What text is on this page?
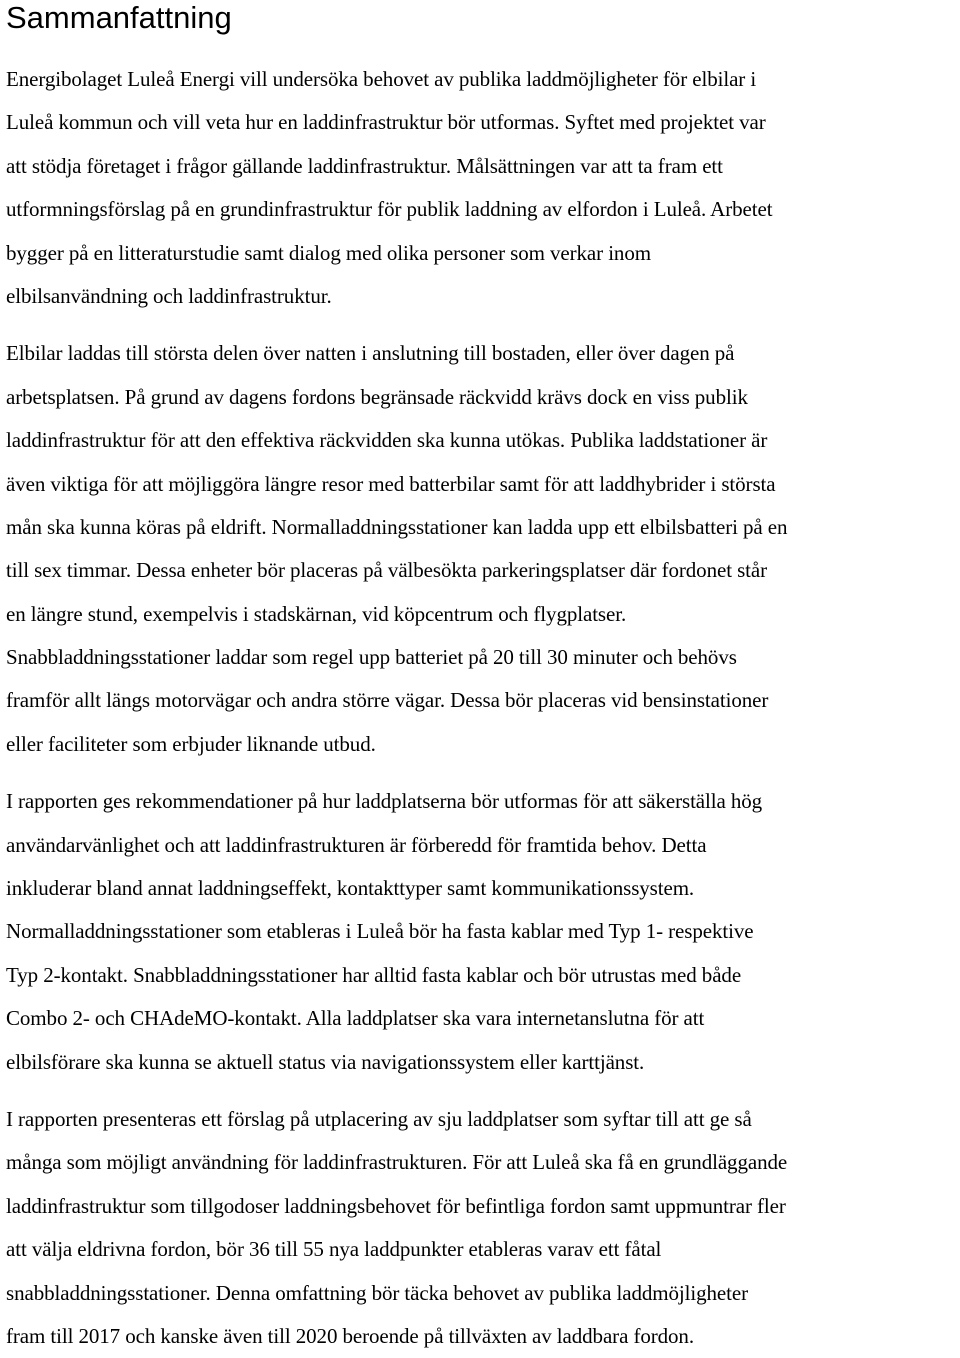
Sammanfattning
Energibolaget Luleå Energi vill undersöka behovet av publika laddmöjligheter för elbilar i
Luleå kommun och vill veta hur en laddinfrastruktur bör utformas. Syftet med projektet var
att stödja företaget i frågor gällande laddinfrastruktur. Målsättningen var att ta fram ett
utformningsförslag på en grundinfrastruktur för publik laddning av elfordon i Luleå. Arbetet
bygger på en litteraturstudie samt dialog med olika personer som verkar inom
elbilsanvändning och laddinfrastruktur.
Elbilar laddas till största delen över natten i anslutning till bostaden, eller över dagen på
arbetsplatsen. På grund av dagens fordons begränsade räckvidd krävs dock en viss publik
laddinfrastruktur för att den effektiva räckvidden ska kunna utökas. Publika laddstationer är
även viktiga för att möjliggöra längre resor med batterbilar samt för att laddhybrider i största
mån ska kunna köras på eldrift. Normalladdningsstationer kan ladda upp ett elbilsbatteri på en
till sex timmar. Dessa enheter bör placeras på välbesökta parkeringsplatser där fordonet står
en längre stund, exempelvis i stadskärnan, vid köpcentrum och flygplatser.
Snabbladdningsstationer laddar som regel upp batteriet på 20 till 30 minuter och behövs
framför allt längs motorvägar och andra större vägar. Dessa bör placeras vid bensinstationer
eller faciliteter som erbjuder liknande utbud.
I rapporten ges rekommendationer på hur laddplatserna bör utformas för att säkerställa hög
användarvänlighet och att laddinfrastrukturen är förberedd för framtida behov. Detta
inkluderar bland annat laddningseffekt, kontakttyper samt kommunikationssystem.
Normalladdningsstationer som etableras i Luleå bör ha fasta kablar med Typ 1- respektive
Typ 2-kontakt. Snabbladdningsstationer har alltid fasta kablar och bör utrustas med både
Combo 2- och CHAdeMO-kontakt. Alla laddplatser ska vara internetanslutna för att
elbilsförare ska kunna se aktuell status via navigationssystem eller karttjänst.
I rapporten presenteras ett förslag på utplacering av sju laddplatser som syftar till att ge så
många som möjligt användning för laddinfrastrukturen. För att Luleå ska få en grundläggande
laddinfrastruktur som tillgodoser laddningsbehovet för befintliga fordon samt uppmuntrar fler
att välja eldrivna fordon, bör 36 till 55 nya laddpunkter etableras varav ett fåtal
snabbladdningsstationer. Denna omfattning bör täcka behovet av publika laddmöjligheter
fram till 2017 och kanske även till 2020 beroende på tillväxten av laddbara fordon.
